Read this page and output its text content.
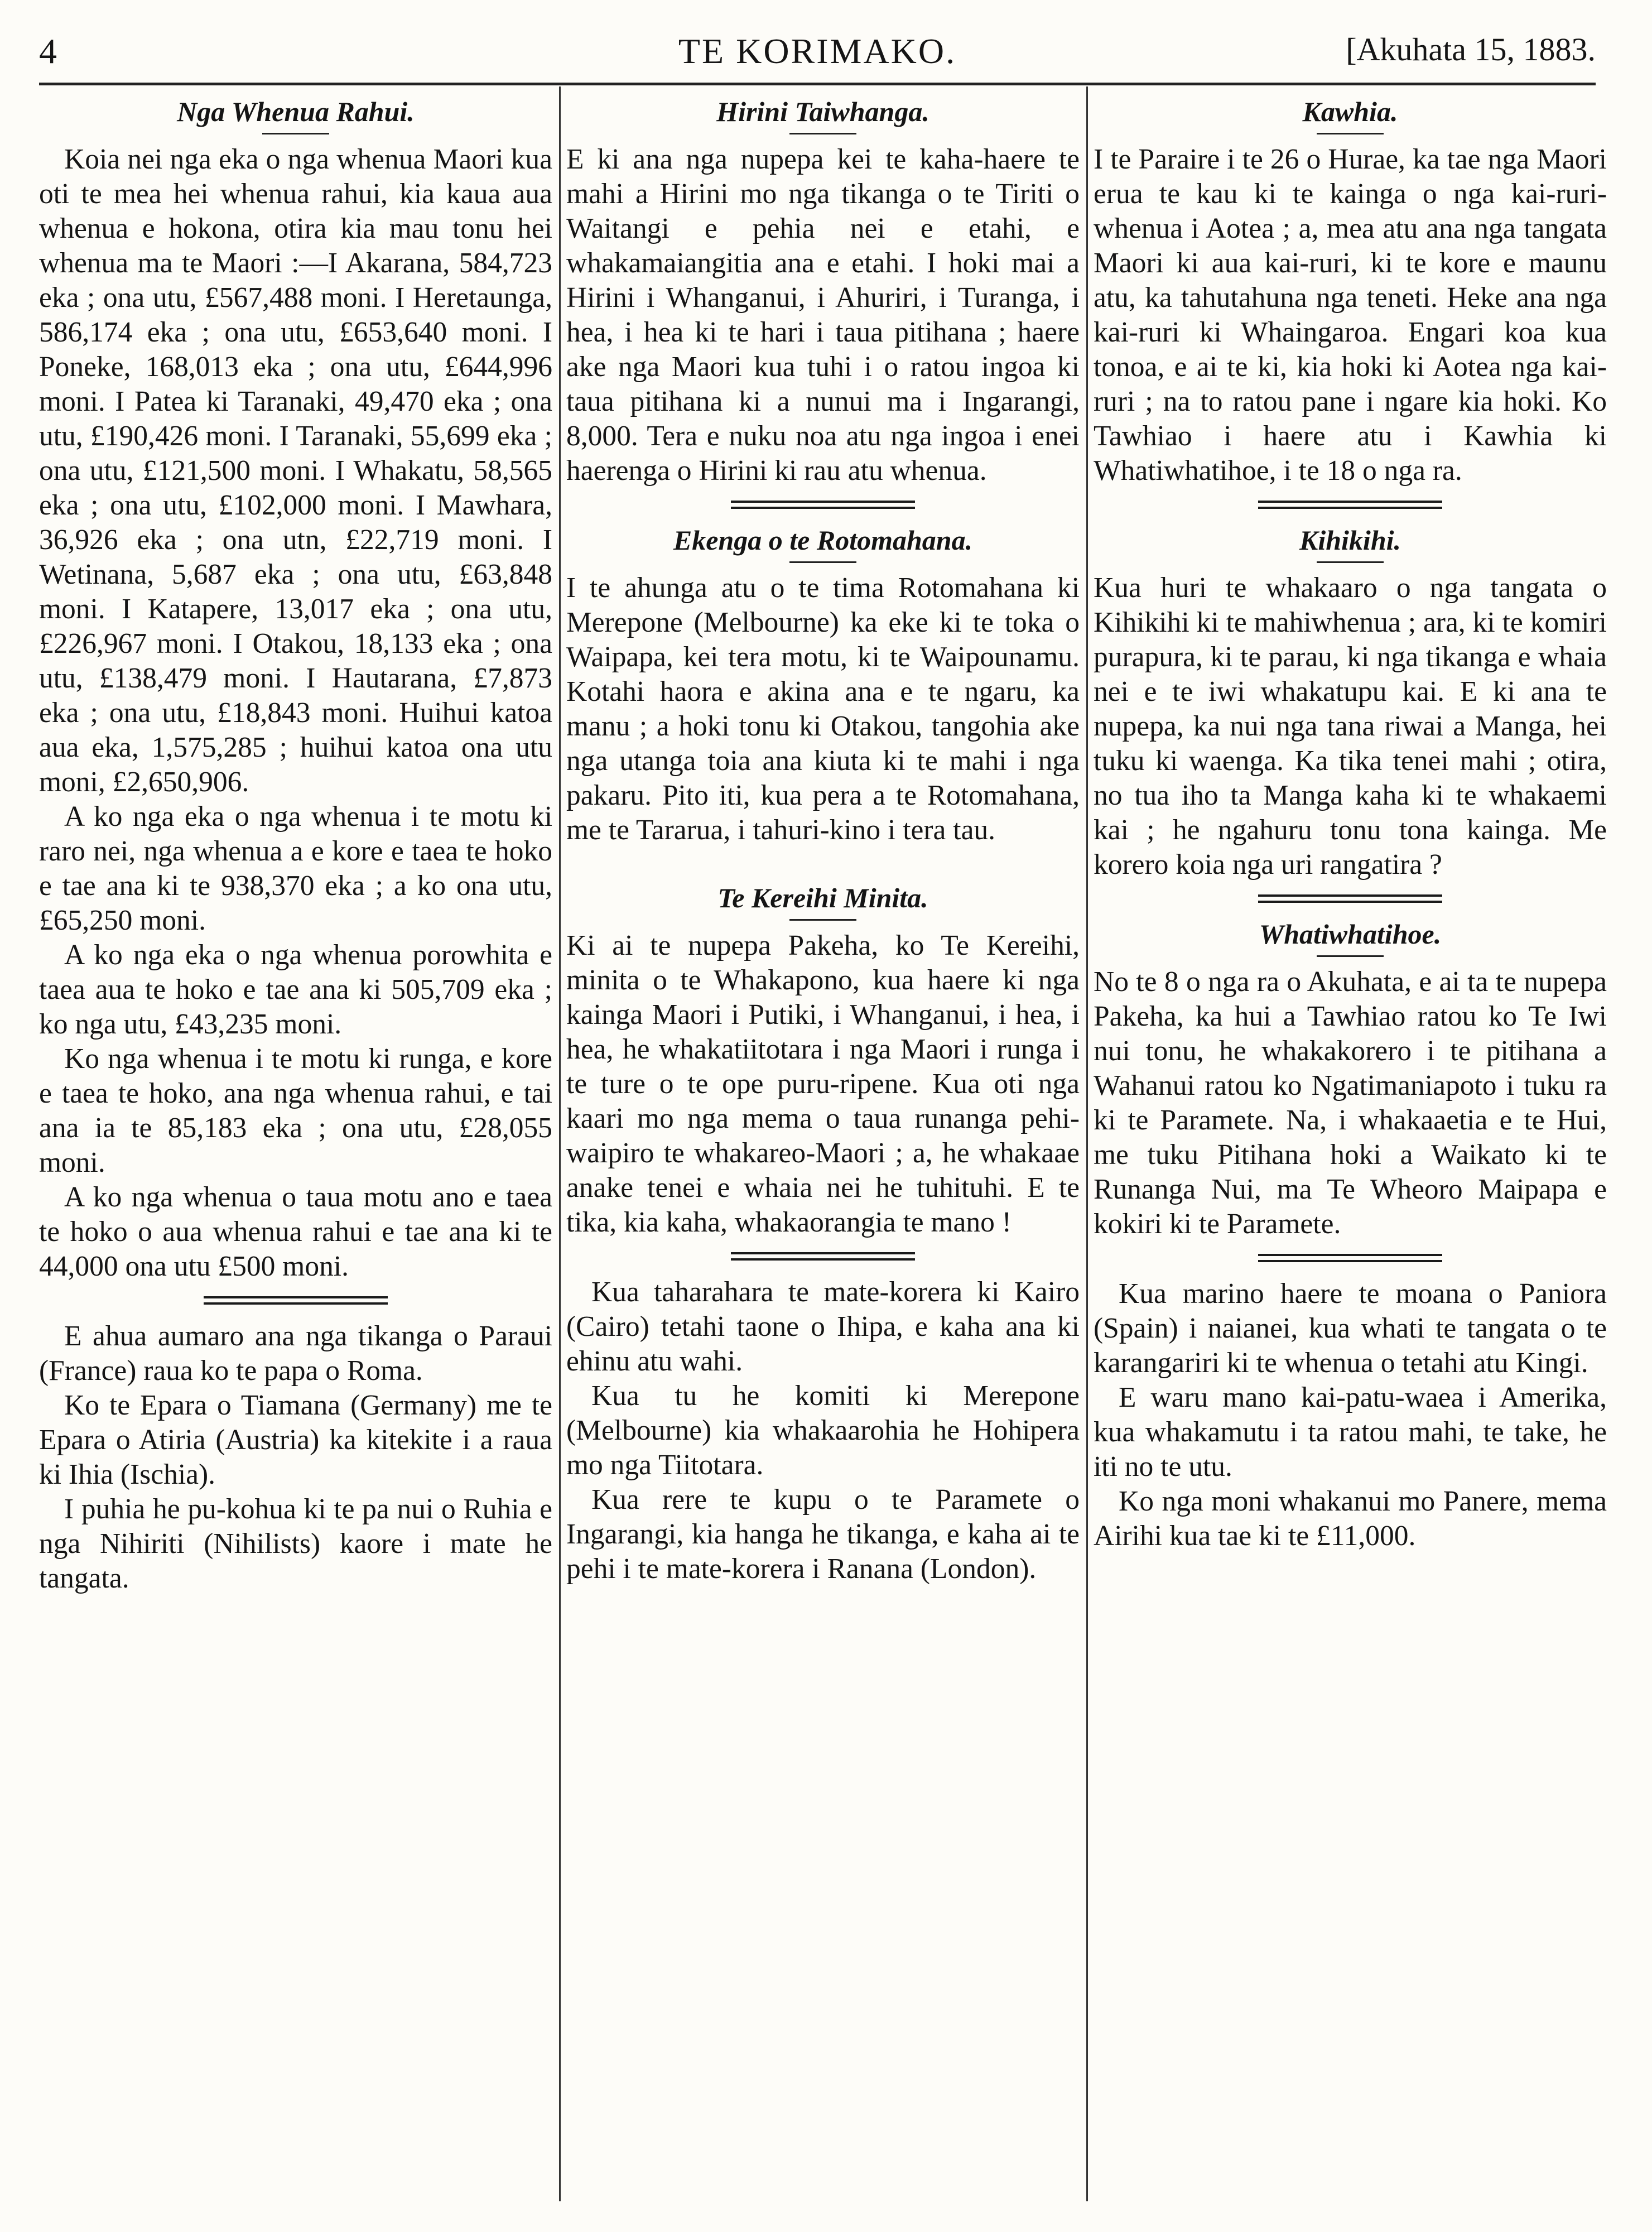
4	TE KORIMAKO.	[Akuhata 15, 1883.
Nga Whenua Rahui.

Koia nei nga eka o nga whenua Maori kua oti te mea hei whenua rahui, kia kaua aua whenua e hokona, otira kia mau tonu hei whenua ma te Maori :—I Akarana, 584,723 eka ; ona utu, £567,488 moni. I Heretaunga, 586,174 eka ; ona utu, £653,640 moni. I Poneke, 168,013 eka ; ona utu, £644,996 moni. I Patea ki Taranaki, 49,470 eka ; ona utu, £190,426 moni. I Taranaki, 55,699 eka ; ona utu, £121,500 moni. I Whakatu, 58,565 eka ; ona utu, £102,000 moni. I Mawhara, 36,926 eka ; ona utn, £22,719 moni. I Wetinana, 5,687 eka ; ona utu, £63,848 moni. I Katapere, 13,017 eka ; ona utu, £226,967 moni. I Otakou, 18,133 eka ; ona utu, £138,479 moni. I Hautarana, £7,873 eka ; ona utu, £18,843 moni. Huihui katoa aua eka, 1,575,285 ; huihui katoa ona utu moni, £2,650,906.

A ko nga eka o nga whenua i te motu ki raro nei, nga whenua a e kore e taea te hoko e tae ana ki te 938,370 eka ; a ko ona utu, £65,250 moni.

A ko nga eka o nga whenua porowhita e taea aua te hoko e tae ana ki 505,709 eka ; ko nga utu, £43,235 moni.

Ko nga whenua i te motu ki runga, e kore e taea te hoko, ana nga whenua rahui, e tai ana ia te 85,183 eka ; ona utu, £28,055 moni.

A ko nga whenua o taua motu ano e taea te hoko o aua whenua rahui e tae ana ki te 44,000 ona utu £500 moni.

E ahua aumaro ana nga tikanga o Paraui (France) raua ko te papa o Roma.

Ko te Epara o Tiamana (Germany) me te Epara o Atiria (Austria) ka kitekite i a raua ki Ihia (Ischia).

I puhia he pu-kohua ki te pa nui o Ruhia e nga Nihiriti (Nihilists) kaore i mate he tangata.

Hirini Taiwhanga.

E ki ana nga nupepa kei te kaha-haere te mahi a Hirini mo nga tikanga o te Tiriti o Waitangi e pehia nei e etahi, e whakamaiangitia ana e etahi. I hoki mai a Hirini i Whanganui, i Ahuriri, i Turanga, i hea, i hea ki te hari i taua pitihana ; haere ake nga Maori kua tuhi i o ratou ingoa ki taua pitihana ki a nunui ma i Ingarangi, 8,000. Tera e nuku noa atu nga ingoa i enei haerenga o Hirini ki rau atu whenua.

Ekenga o te Rotomahana.

I te ahunga atu o te tima Rotomahana ki Merepone (Melbourne) ka eke ki te toka o Waipapa, kei tera motu, ki te Waipounamu. Kotahi haora e akina ana e te ngaru, ka manu ; a hoki tonu ki Otakou, tangohia ake nga utanga toia ana kiuta ki te mahi i nga pakaru. Pito iti, kua pera a te Rotomahana, me te Tararua, i tahuri-kino i tera tau.

Te Kereihi Minita.

Ki ai te nupepa Pakeha, ko Te Kereihi, minita o te Whakapono, kua haere ki nga kainga Maori i Putiki, i Whanganui, i hea, i hea, he whakatiitotara i nga Maori i runga i te ture o te ope puru-ripene. Kua oti nga kaari mo nga mema o taua runanga pehi-waipiro te whakareo-Maori ; a, he whakaae anake tenei e whaia nei he tuhituhi. E te tika, kia kaha, whakaorangia te mano !

Kua taharahara te mate-korera ki Kairo (Cairo) tetahi taone o Ihipa, e kaha ana ki ehinu atu wahi.

Kua tu he komiti ki Merepone (Melbourne) kia whakaarohia he Hohipera mo nga Tiitotara.

Kua rere te kupu o te Paramete o Ingarangi, kia hanga he tikanga, e kaha ai te pehi i te mate-korera i Ranana (London).

Kawhia.

I te Paraire i te 26 o Hurae, ka tae nga Maori erua te kau ki te kainga o nga kai-ruri-whenua i Aotea ; a, mea atu ana nga tangata Maori ki aua kai-ruri, ki te kore e maunu atu, ka tahutahuna nga teneti. Heke ana nga kai-ruri ki Whaingaroa. Engari koa kua tonoa, e ai te ki, kia hoki ki Aotea nga kai-ruri ; na to ratou pane i ngare kia hoki. Ko Tawhiao i haere atu i Kawhia ki Whatiwhatihoe, i te 18 o nga ra.

Kihikihi.

Kua huri te whakaaro o nga tangata o Kihikihi ki te mahiwhenua ; ara, ki te komiri purapura, ki te parau, ki nga tikanga e whaia nei e te iwi whakatupu kai. E ki ana te nupepa, ka nui nga tana riwai a Manga, hei tuku ki waenga. Ka tika tenei mahi ; otira, no tua iho ta Manga kaha ki te whakaemi kai ; he ngahuru tonu tona kainga. Me korero koia nga uri rangatira ?

Whatiwhatihoe.

No te 8 o nga ra o Akuhata, e ai ta te nupepa Pakeha, ka hui a Tawhiao ratou ko Te Iwi nui tonu, he whakakorero i te pitihana a Wahanui ratou ko Ngatimaniapoto i tuku ra ki te Paramete. Na, i whakaaetia e te Hui, me tuku Pitihana hoki a Waikato ki te Runanga Nui, ma Te Wheoro Maipapa e kokiri ki te Paramete.

Kua marino haere te moana o Paniora (Spain) i naianei, kua whati te tangata o te karangariri ki te whenua o tetahi atu Kingi.

E waru mano kai-patu-waea i Amerika, kua whakamutu i ta ratou mahi, te take, he iti no te utu.

Ko nga moni whakanui mo Panere, mema Airihi kua tae ki te £11,000.
